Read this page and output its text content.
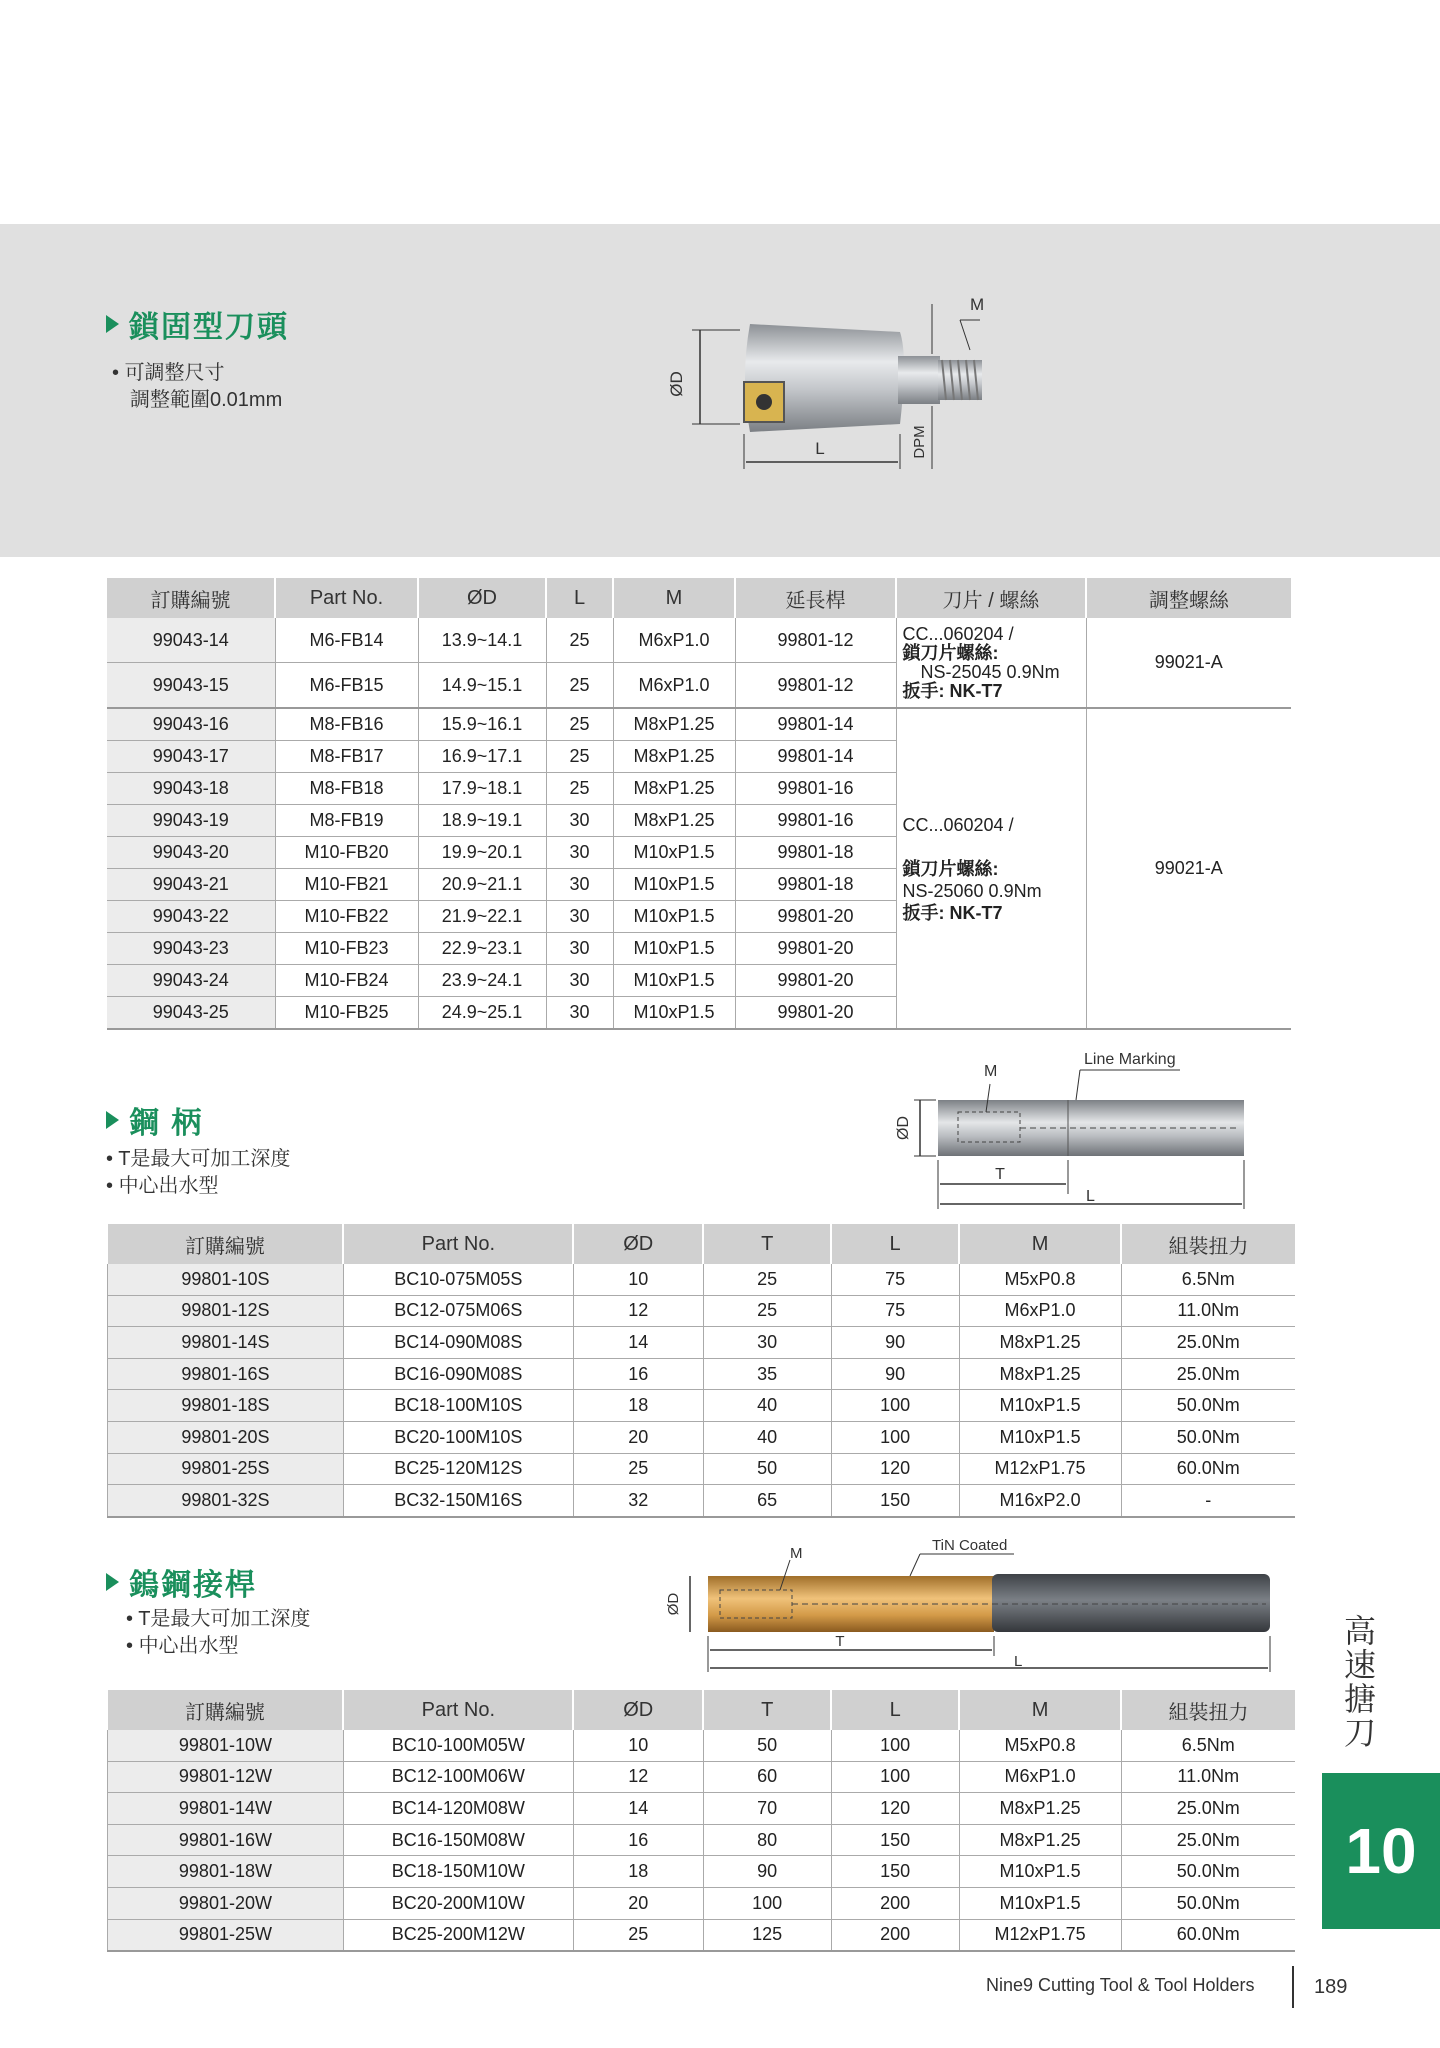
鎖固型刀頭
• 可調整尺寸
調整範圍0.01mm
ØD
L
M
DPM
訂購編號	Part No.	ØD	L	M	延長桿	刀片 / 螺絲	調整螺絲
99043-14	M6-FB14	13.9~14.1	25	M6xP1.0	99801-12	CC...060204 /
鎖刀片螺絲:
NS-25045 0.9Nm
扳手: NK-T7	99021-A
99043-15	M6-FB15	14.9~15.1	25	M6xP1.0	99801-12		
99043-16	M8-FB16	15.9~16.1	25	M8xP1.25	99801-14	CC...060204 /
鎖刀片螺絲:
NS-25060 0.9Nm
扳手: NK-T7	99021-A
99043-17	M8-FB17	16.9~17.1	25	M8xP1.25	99801-14		
99043-18	M8-FB18	17.9~18.1	25	M8xP1.25	99801-16		
99043-19	M8-FB19	18.9~19.1	30	M8xP1.25	99801-16		
99043-20	M10-FB20	19.9~20.1	30	M10xP1.5	99801-18		
99043-21	M10-FB21	20.9~21.1	30	M10xP1.5	99801-18		
99043-22	M10-FB22	21.9~22.1	30	M10xP1.5	99801-20		
99043-23	M10-FB23	22.9~23.1	30	M10xP1.5	99801-20		
99043-24	M10-FB24	23.9~24.1	30	M10xP1.5	99801-20		
99043-25	M10-FB25	24.9~25.1	30	M10xP1.5	99801-20		
鋼 柄
• T是最大可加工深度
• 中心出水型
M
Line Marking
ØD
T
L
訂購編號	Part No.	ØD	T	L	M	組裝扭力
99801-10S	BC10-075M05S	10	25	75	M5xP0.8	6.5Nm
99801-12S	BC12-075M06S	12	25	75	M6xP1.0	11.0Nm
99801-14S	BC14-090M08S	14	30	90	M8xP1.25	25.0Nm
99801-16S	BC16-090M08S	16	35	90	M8xP1.25	25.0Nm
99801-18S	BC18-100M10S	18	40	100	M10xP1.5	50.0Nm
99801-20S	BC20-100M10S	20	40	100	M10xP1.5	50.0Nm
99801-25S	BC25-120M12S	25	50	120	M12xP1.75	60.0Nm
99801-32S	BC32-150M16S	32	65	150	M16xP2.0	-
鎢鋼接桿
• T是最大可加工深度
• 中心出水型
M	TiN Coated
ØD
T
L
訂購編號	Part No.	ØD	T	L	M	組裝扭力
99801-10W	BC10-100M05W	10	50	100	M5xP0.8	6.5Nm
99801-12W	BC12-100M06W	12	60	100	M6xP1.0	11.0Nm
99801-14W	BC14-120M08W	14	70	120	M8xP1.25	25.0Nm
99801-16W	BC16-150M08W	16	80	150	M8xP1.25	25.0Nm
99801-18W	BC18-150M10W	18	90	150	M10xP1.5	50.0Nm
99801-20W	BC20-200M10W	20	100	200	M10xP1.5	50.0Nm
99801-25W	BC25-200M12W	25	125	200	M12xP1.75	60.0Nm
高
速
搪
刀
10
Nine9 Cutting Tool & Tool Holders	189
